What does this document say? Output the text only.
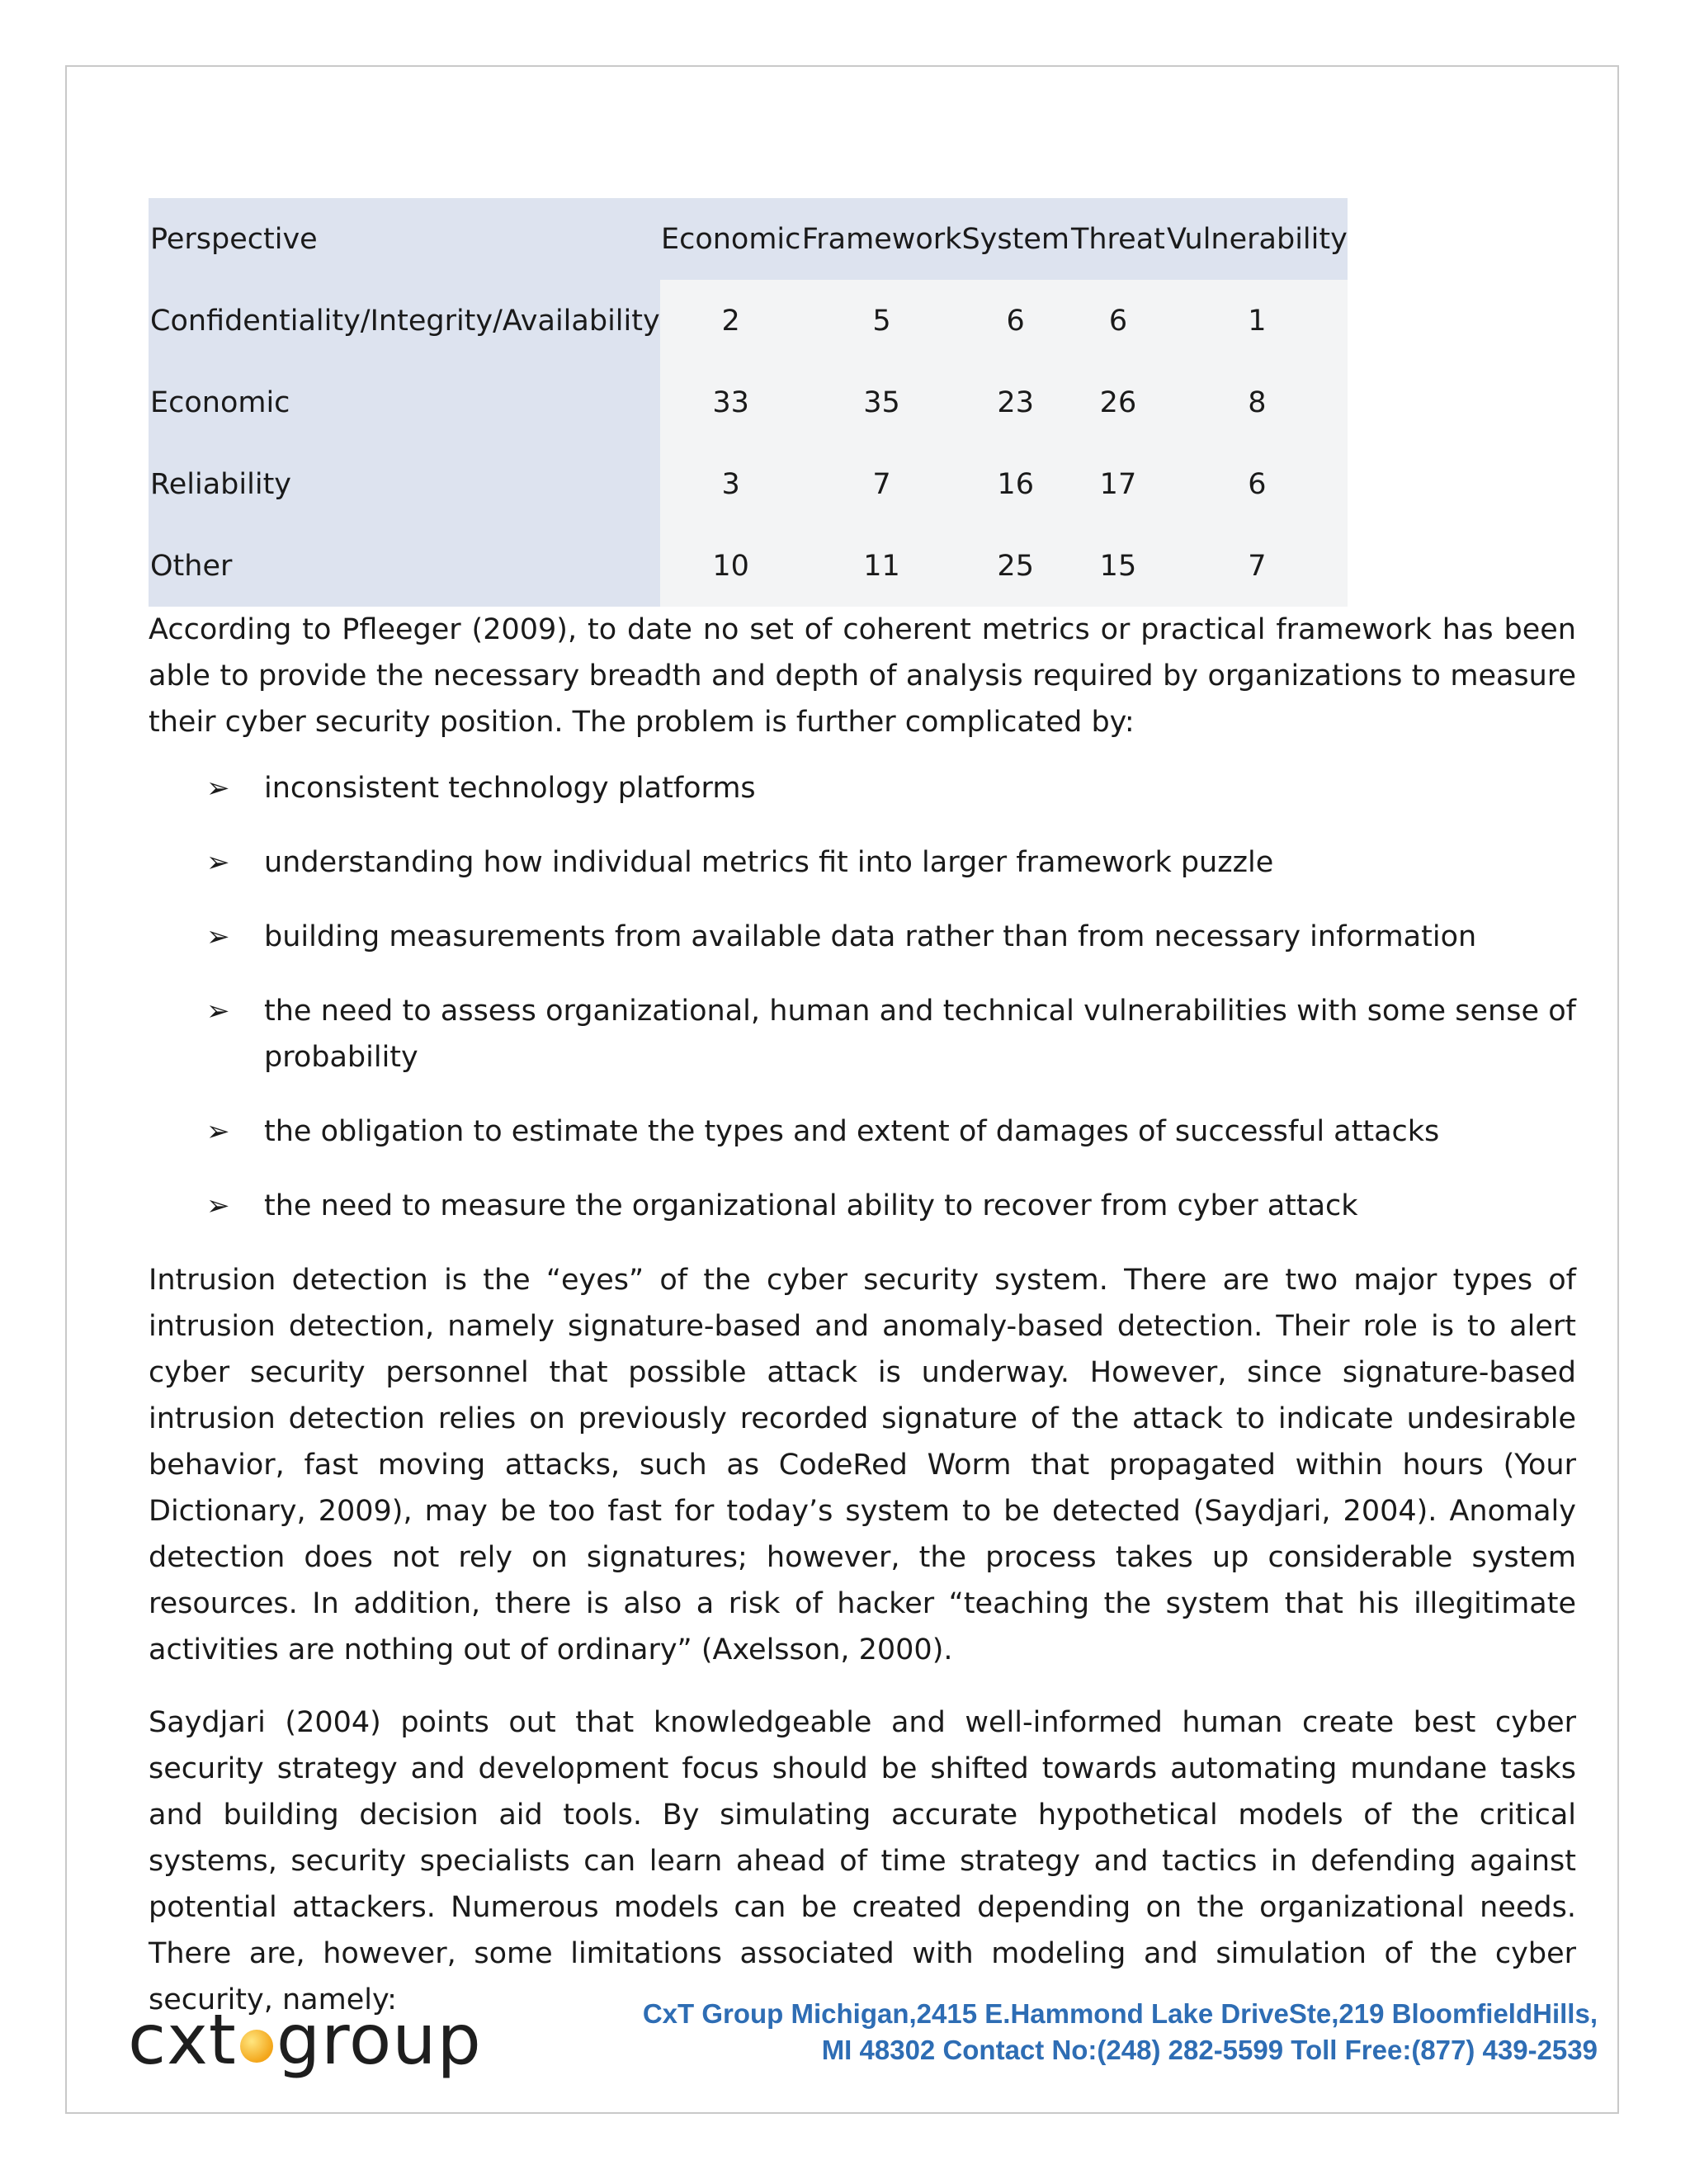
Perspective	Economic	Framework	System	Threat	Vulnerability
Confidentiality/Integrity/Availability	2	5	6	6	1
Economic	33	35	23	26	8
Reliability	3	7	16	17	6
Other	10	11	25	15	7

According to Pfleeger (2009), to date no set of coherent metrics or practical framework has been able to provide the necessary breadth and depth of analysis required by organizations to measure their cyber security position. The problem is further complicated by:

➢ inconsistent technology platforms
➢ understanding how individual metrics fit into larger framework puzzle
➢ building measurements from available data rather than from necessary information
➢ the need to assess organizational, human and technical vulnerabilities with some sense of probability
➢ the obligation to estimate the types and extent of damages of successful attacks
➢ the need to measure the organizational ability to recover from cyber attack

Intrusion detection is the “eyes” of the cyber security system. There are two major types of intrusion detection, namely signature-based and anomaly-based detection. Their role is to alert cyber security personnel that possible attack is underway. However, since signature-based intrusion detection relies on previously recorded signature of the attack to indicate undesirable behavior, fast moving attacks, such as CodeRed Worm that propagated within hours (Your Dictionary, 2009), may be too fast for today’s system to be detected (Saydjari, 2004). Anomaly detection does not rely on signatures; however, the process takes up considerable system resources. In addition, there is also a risk of hacker “teaching the system that his illegitimate activities are nothing out of ordinary” (Axelsson, 2000).

Saydjari (2004) points out that knowledgeable and well-informed human create best cyber security strategy and development focus should be shifted towards automating mundane tasks and building decision aid tools. By simulating accurate hypothetical models of the critical systems, security specialists can learn ahead of time strategy and tactics in defending against potential attackers. Numerous models can be created depending on the organizational needs. There are, however, some limitations associated with modeling and simulation of the cyber security, namely:

cxt group	CxT Group Michigan,2415 E.Hammond Lake DriveSte,219 BloomfieldHills,
MI 48302 Contact No:(248) 282-5599 Toll Free:(877) 439-2539
